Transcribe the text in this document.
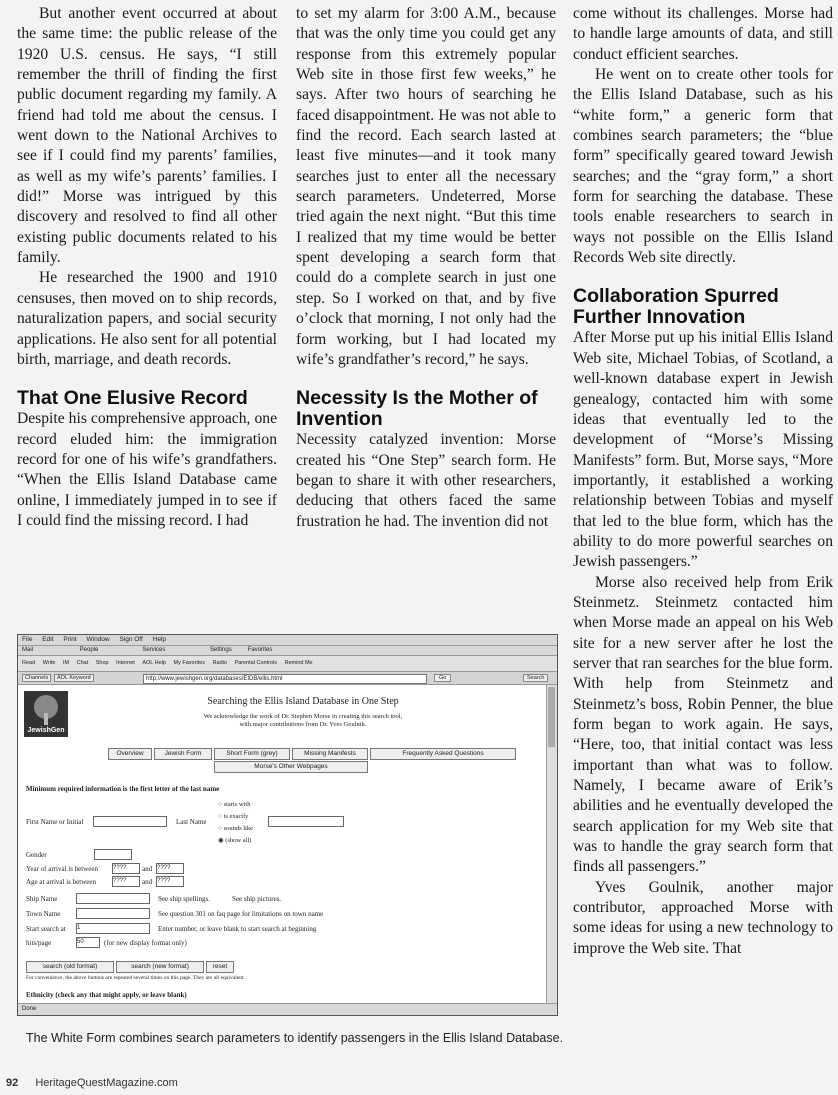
But another event occurred at about the same time: the public release of the 1920 U.S. census. He says, “I still remember the thrill of finding the first public document regarding my family. A friend had told me about the census. I went down to the National Archives to see if I could find my parents’ families, as well as my wife’s parents’ families. I did!” Morse was intrigued by this discovery and resolved to find all other existing public documents related to his family.

He researched the 1900 and 1910 censuses, then moved on to ship records, naturalization papers, and social security applications. He also sent for all potential birth, marriage, and death records.

That One Elusive Record

Despite his comprehensive approach, one record eluded him: the immigration record for one of his wife’s grandfathers. “When the Ellis Island Database came online, I immediately jumped in to see if I could find the missing record. I had

to set my alarm for 3:00 A.M., because that was the only time you could get any response from this extremely popular Web site in those first few weeks,” he says. After two hours of searching he faced disappointment. He was not able to find the record. Each search lasted at least five minutes—and it took many searches just to enter all the necessary search parameters. Undeterred, Morse tried again the next night. “But this time I realized that my time would be better spent developing a search form that could do a complete search in just one step. So I worked on that, and by five o’clock that morning, I not only had the form working, but I had located my wife’s grandfather’s record,” he says.

Necessity Is the Mother of Invention

Necessity catalyzed invention: Morse created his “One Step” search form. He began to share it with other researchers, deducing that others faced the same frustration he had. The invention did not

come without its challenges. Morse had to handle large amounts of data, and still conduct efficient searches.

He went on to create other tools for the Ellis Island Database, such as his “white form,” a generic form that combines search parameters; the “blue form” specifically geared toward Jewish searches; and the “gray form,” a short form for searching the database. These tools enable researchers to search in ways not possible on the Ellis Island Records Web site directly.

Collaboration Spurred Further Innovation

After Morse put up his initial Ellis Island Web site, Michael Tobias, of Scotland, a well-known database expert in Jewish genealogy, contacted him with some ideas that eventually led to the development of “Morse’s Missing Manifests” form. But, Morse says, “More importantly, it established a working relationship between Tobias and myself that led to the blue form, which has the ability to do more powerful searches on Jewish passengers.”

Morse also received help from Erik Steinmetz. Steinmetz contacted him when Morse made an appeal on his Web site for a new server after he lost the server that ran searches for the blue form. With help from Steinmetz and Steinmetz’s boss, Robin Penner, the blue form began to work again. He says, “Here, too, that initial contact was less important than what was to follow. Namely, I became aware of Erik’s abilities and he eventually developed the search application for my Web site that was to handle the gray search form that finds all passengers.”

Yves Goulnik, another major contributor, approached Morse with some ideas for using a new technology to improve the Web site. That

File Edit Print Window Sign Off Help
Mail	People	Services	Settings	Favorites
Read Write IM Chat Shop Internet AOL Help My Favorites Radio Parental Controls Remind Me
Channels	AOL Keyword	http://www.jewishgen.org/databases/EIDB/ellis.html	Go	Search
JewishGen
Searching the Ellis Island Database in One Step
We acknowledge the work of Dr. Stephen Morse in creating this search tool,
with major contributions from Dr. Yves Goulnik.
Overview	Jewish Form	Short Form (grey)	Missing Manifests	Frequently Asked Questions
Morse's Other Webpages
Minimum required information is the first letter of the last name
First Name or Initial	Last Name
○ starts with
○ is exactly
○ sounds like
◉ (show all)
Gender
Year of arrival is between	????	and ????
Age at arrival is between	????	and ????
Ship Name	See ship spellings.	See ship pictures.
Town Name	See question 301 on faq page for limitations on town name
Start search at 1	Enter number, or leave blank to start search at beginning
hits/page	50	(for new display format only)
search (old format)	search (new format)	reset
For convenience, the above buttons are repeated several times on this page. They are all equivalent.
Ethnicity (check any that might apply, or leave blank)
Done
The White Form combines search parameters to identify passengers in the Ellis Island Database.
92 HeritageQuestMagazine.com
